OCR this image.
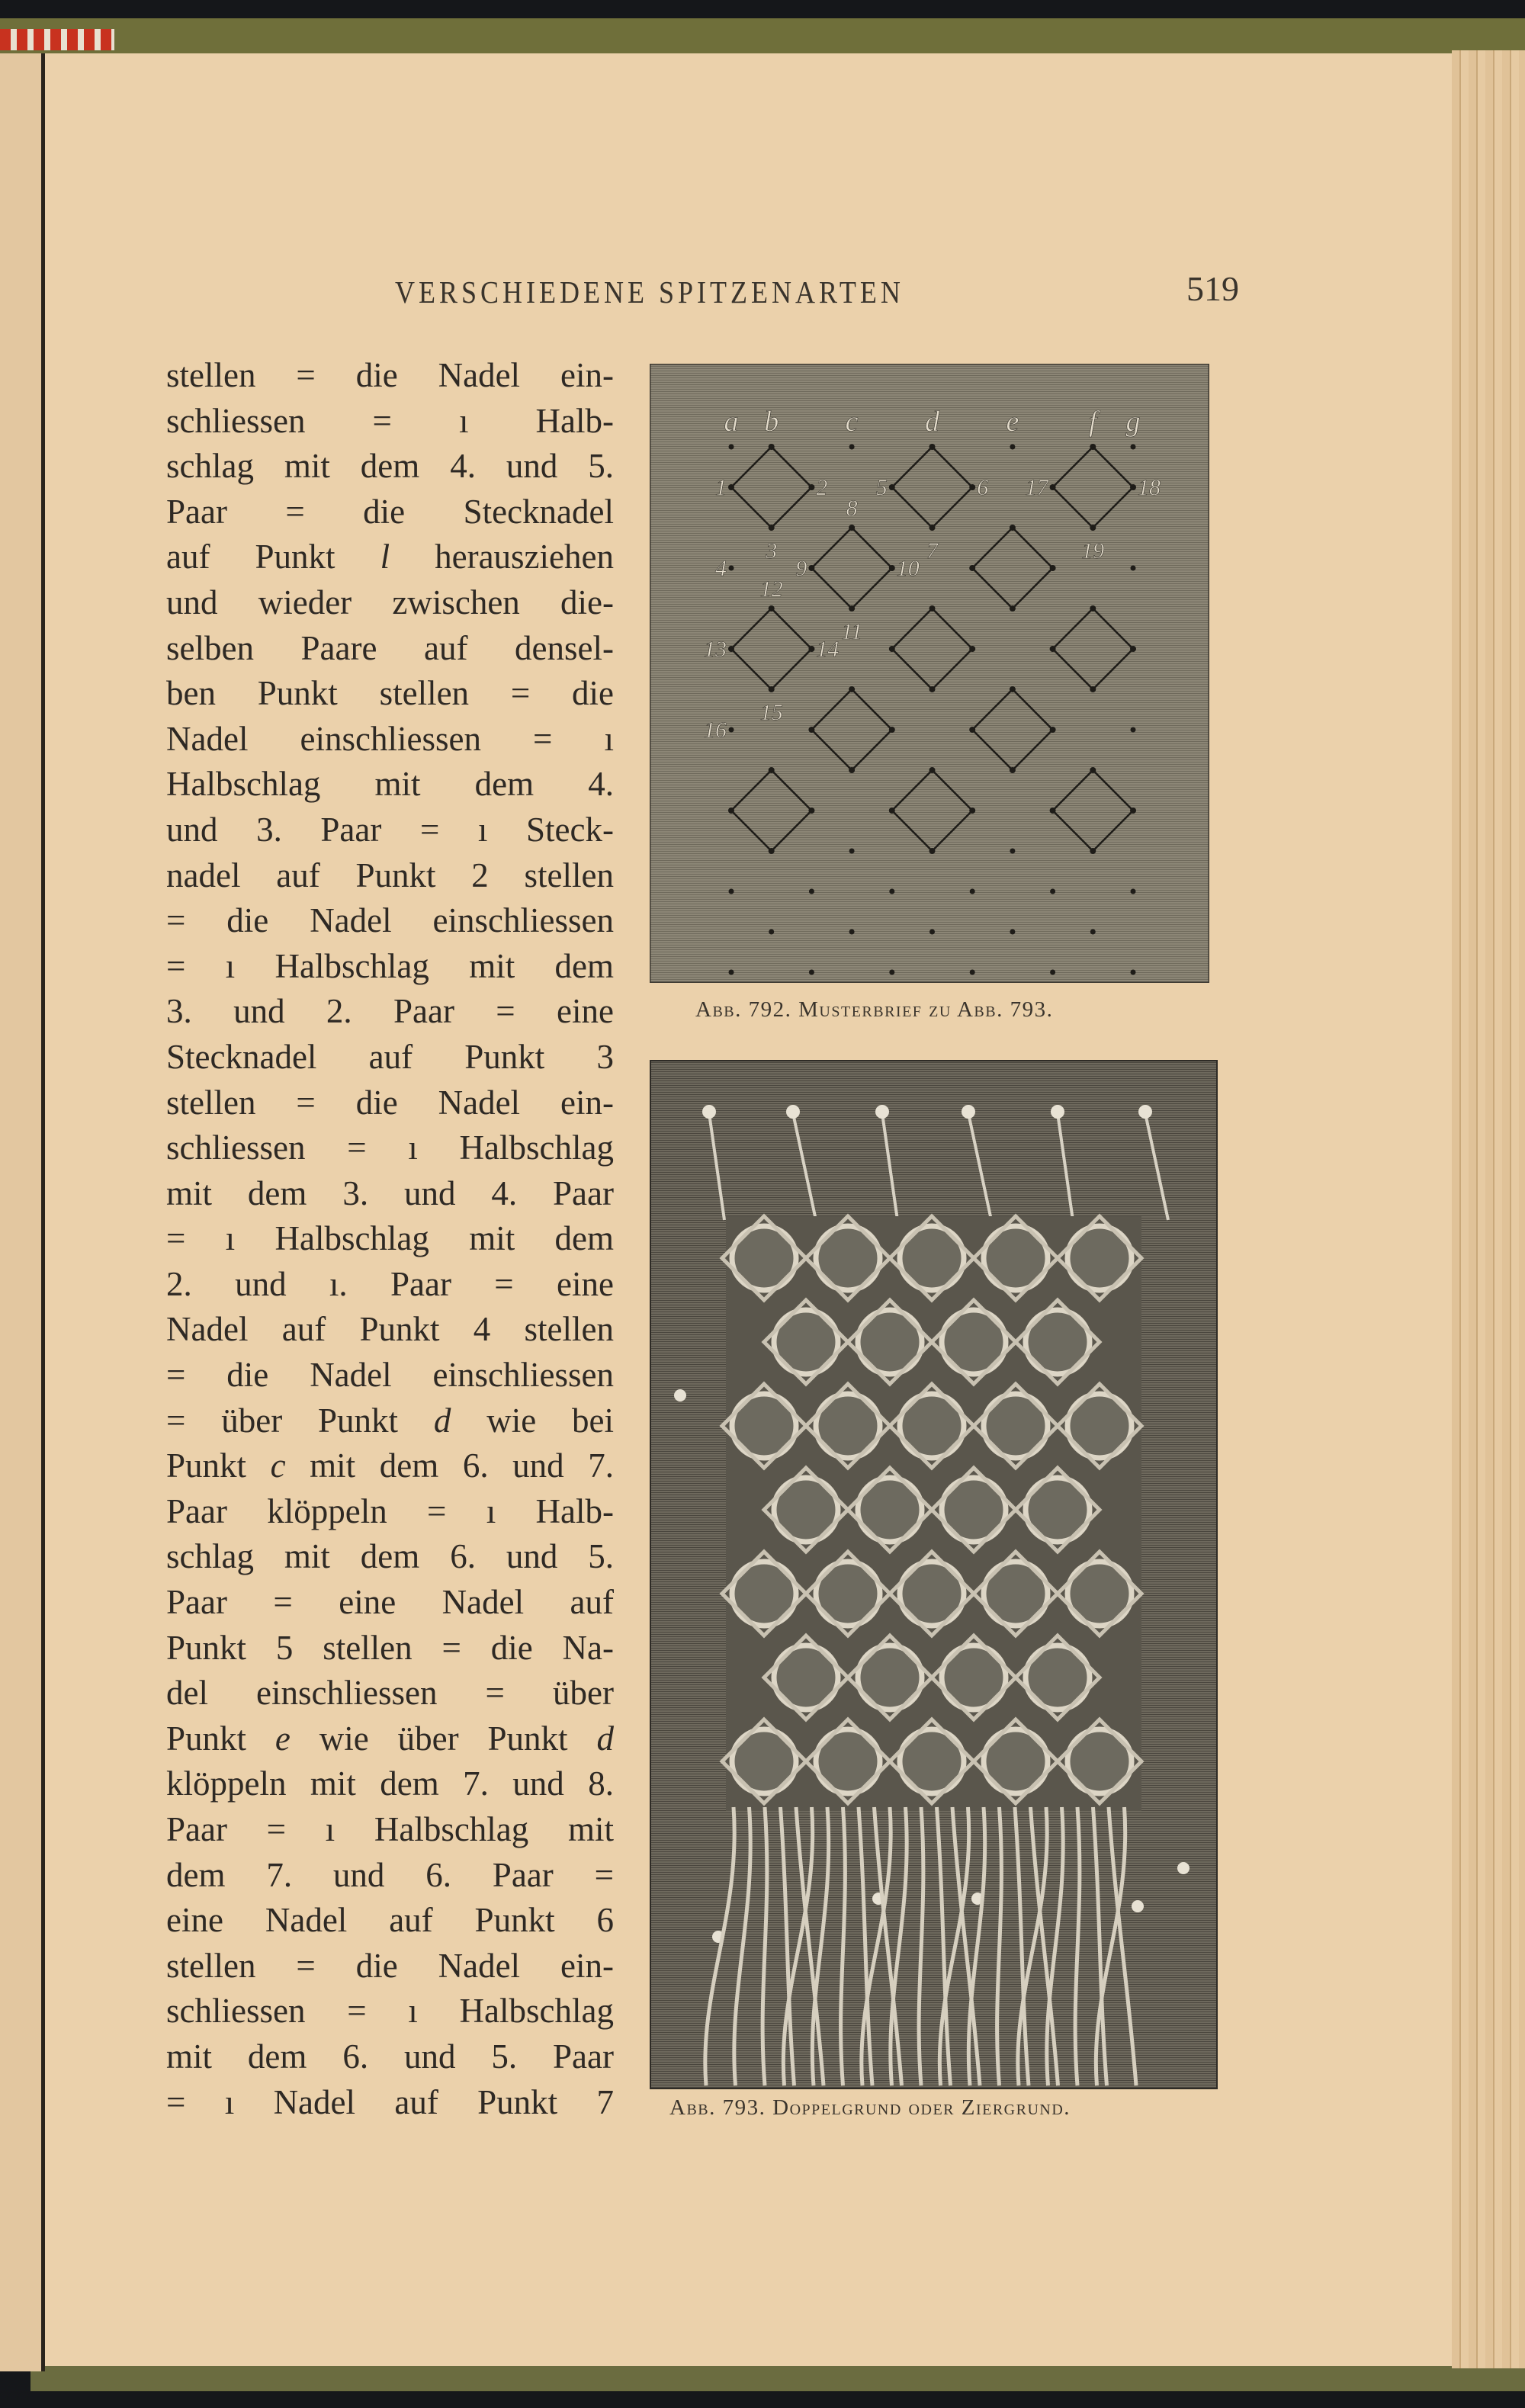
VERSCHIEDENE SPITZENARTEN	519
stellen = die Nadel ein-
schliessen = ı Halb-
schlag mit dem 4. und 5.
Paar = die Stecknadel
auf Punkt l herausziehen
und wieder zwischen die-
selben Paare auf densel-
ben Punkt stellen = die
Nadel einschliessen = ı
Halbschlag mit dem 4.
und 3. Paar = ı Steck-
nadel auf Punkt 2 stellen
= die Nadel einschliessen
= ı Halbschlag mit dem
3. und 2. Paar = eine
Stecknadel auf Punkt 3
stellen = die Nadel ein-
schliessen = ı Halbschlag
mit dem 3. und 4. Paar
= ı Halbschlag mit dem
2. und ı. Paar = eine
Nadel auf Punkt 4 stellen
= die Nadel einschliessen
= über Punkt d wie bei
Punkt c mit dem 6. und 7.
Paar klöppeln = ı Halb-
schlag mit dem 6. und 5.
Paar = eine Nadel auf
Punkt 5 stellen = die Na-
del einschliessen = über
Punkt e wie über Punkt d
klöppeln mit dem 7. und 8.
Paar = ı Halbschlag mit
dem 7. und 6. Paar =
eine Nadel auf Punkt 6
stellen = die Nadel ein-
schliessen = ı Halbschlag
mit dem 6. und 5. Paar
= ı Nadel auf Punkt 7
a b c d e f g
1	2
3
4
5	6
7
8
9	10
11
12
13	14
15
16
17	18
19
Abb. 792. Musterbrief zu Abb. 793.
Abb. 793. Doppelgrund oder Ziergrund.
